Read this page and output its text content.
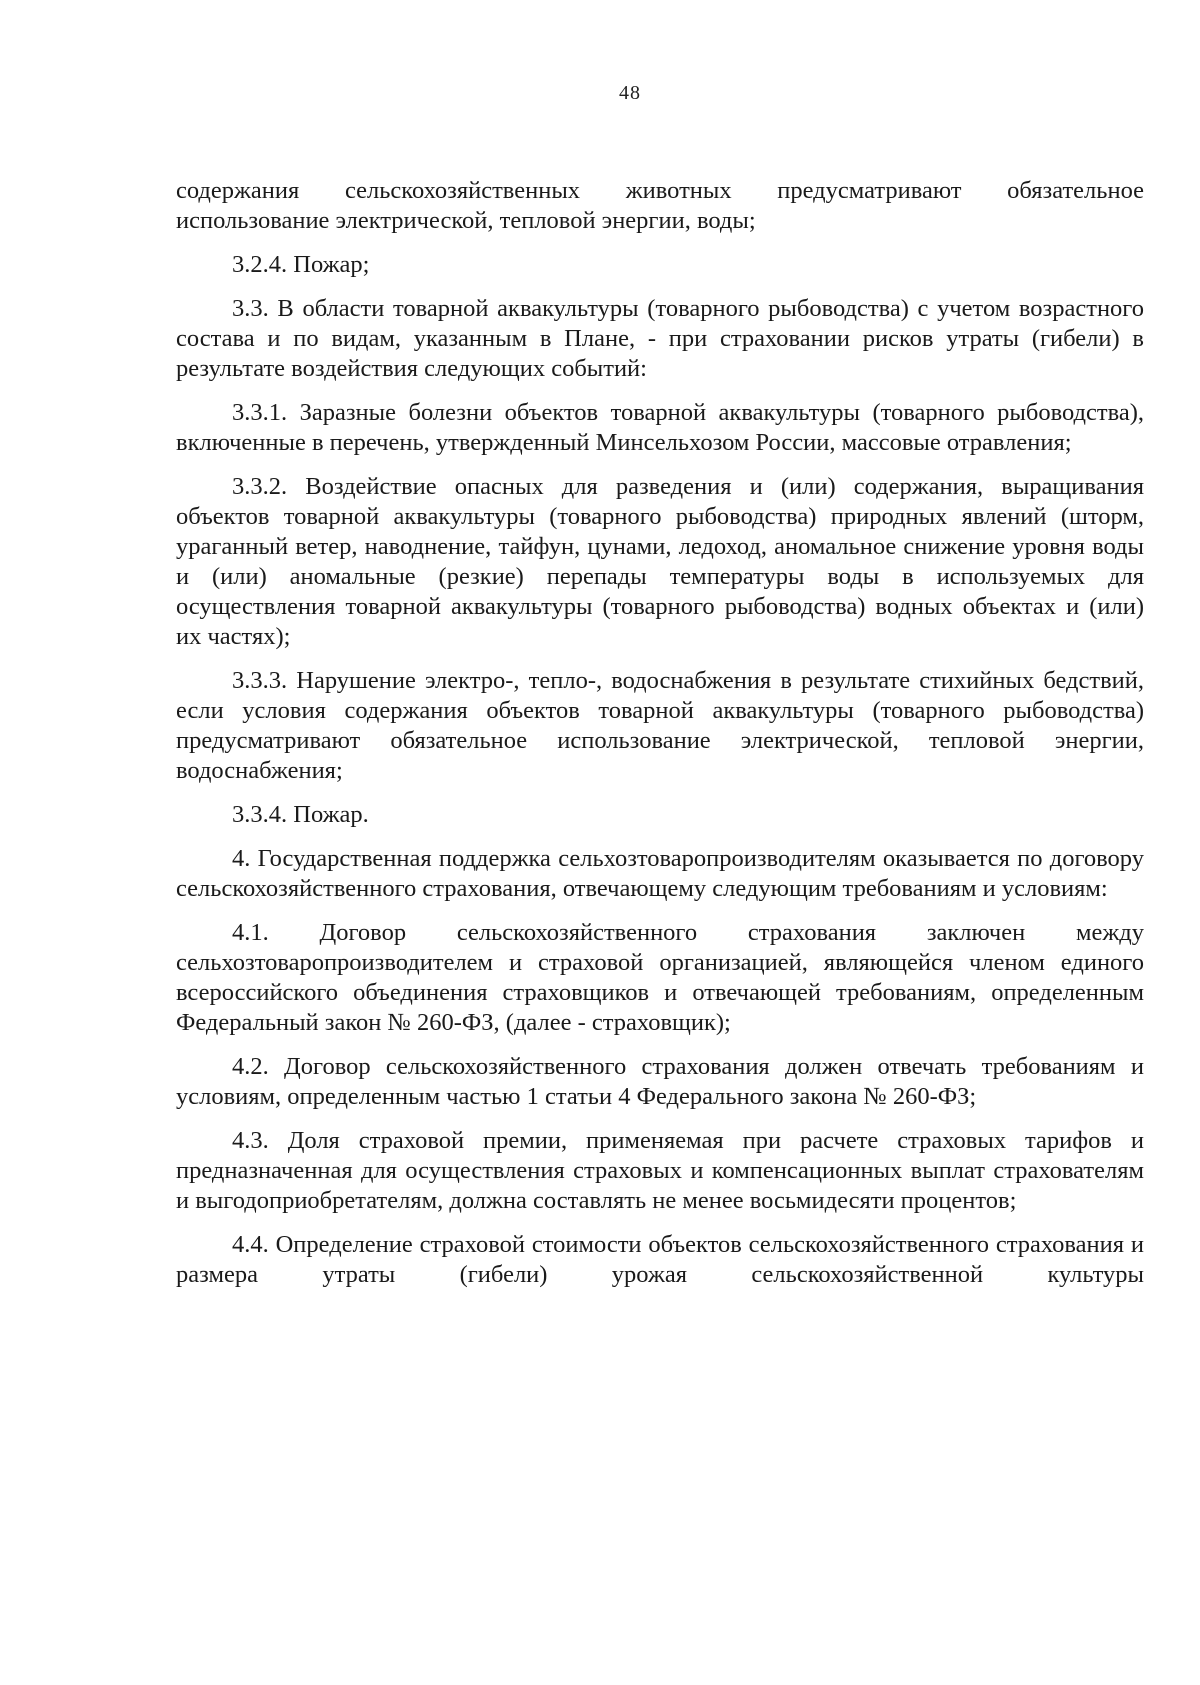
48

содержания сельскохозяйственных животных предусматривают обязательное использование электрической, тепловой энергии, воды;

3.2.4. Пожар;

3.3. В области товарной аквакультуры (товарного рыбоводства) с учетом возрастного состава и по видам, указанным в Плане, - при страховании рисков утраты (гибели) в результате воздействия следующих событий:

3.3.1. Заразные болезни объектов товарной аквакультуры (товарного рыбоводства), включенные в перечень, утвержденный Минсельхозом России, массовые отравления;

3.3.2. Воздействие опасных для разведения и (или) содержания, выращивания объектов товарной аквакультуры (товарного рыбоводства) природных явлений (шторм, ураганный ветер, наводнение, тайфун, цунами, ледоход, аномальное снижение уровня воды и (или) аномальные (резкие) перепады температуры воды в используемых для осуществления товарной аквакультуры (товарного рыбоводства) водных объектах и (или) их частях);

3.3.3. Нарушение электро-, тепло-, водоснабжения в результате стихийных бедствий, если условия содержания объектов товарной аквакультуры (товарного рыбоводства) предусматривают обязательное использование электрической, тепловой энергии, водоснабжения;

3.3.4. Пожар.

4. Государственная поддержка сельхозтоваропроизводителям оказывается по договору сельскохозяйственного страхования, отвечающему следующим требованиям и условиям:

4.1. Договор сельскохозяйственного страхования заключен между сельхозтоваропроизводителем и страховой организацией, являющейся членом единого всероссийского объединения страховщиков и отвечающей требованиям, определенным Федеральный закон № 260-ФЗ, (далее - страховщик);

4.2. Договор сельскохозяйственного страхования должен отвечать требованиям и условиям, определенным частью 1 статьи 4 Федерального закона № 260-ФЗ;

4.3. Доля страховой премии, применяемая при расчете страховых тарифов и предназначенная для осуществления страховых и компенсационных выплат страхователям и выгодоприобретателям, должна составлять не менее восьмидесяти процентов;

4.4. Определение страховой стоимости объектов сельскохозяйственного страхования и размера утраты (гибели) урожая сельскохозяйственной культуры
